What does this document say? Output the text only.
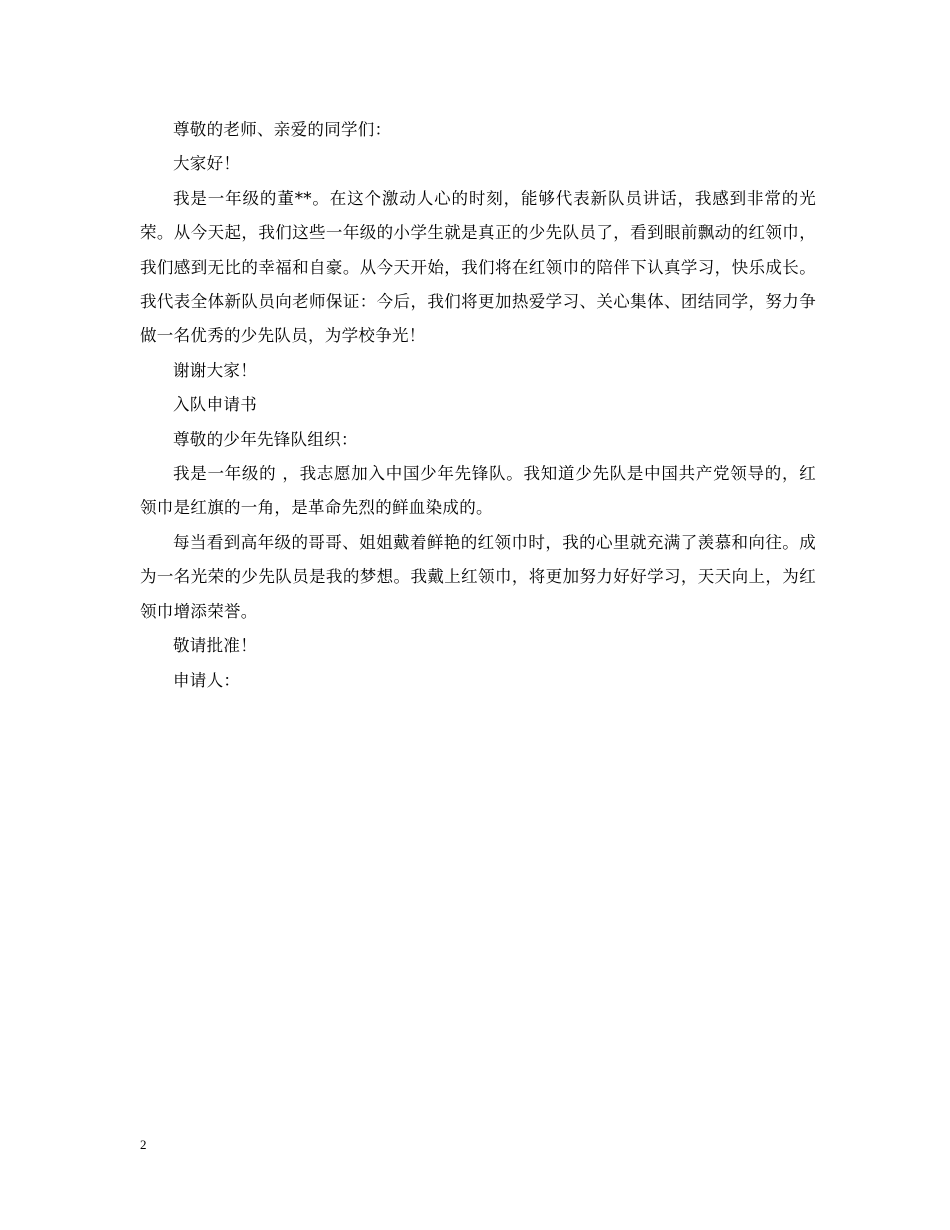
尊敬的老师、亲爱的同学们：

大家好！

我是一年级的董**。在这个激动人心的时刻，能够代表新队员讲话，我感到非常的光荣。从今天起，我们这些一年级的小学生就是真正的少先队员了，看到眼前飘动的红领巾，我们感到无比的幸福和自豪。从今天开始，我们将在红领巾的陪伴下认真学习，快乐成长。我代表全体新队员向老师保证：今后，我们将更加热爱学习、关心集体、团结同学，努力争做一名优秀的少先队员，为学校争光！

谢谢大家！

入队申请书

尊敬的少年先锋队组织：

我是一年级的 ，我志愿加入中国少年先锋队。我知道少先队是中国共产党领导的，红领巾是红旗的一角，是革命先烈的鲜血染成的。

每当看到高年级的哥哥、姐姐戴着鲜艳的红领巾时，我的心里就充满了羡慕和向往。成为一名光荣的少先队员是我的梦想。我戴上红领巾，将更加努力好好学习，天天向上，为红领巾增添荣誉。

敬请批准！

申请人：

2
